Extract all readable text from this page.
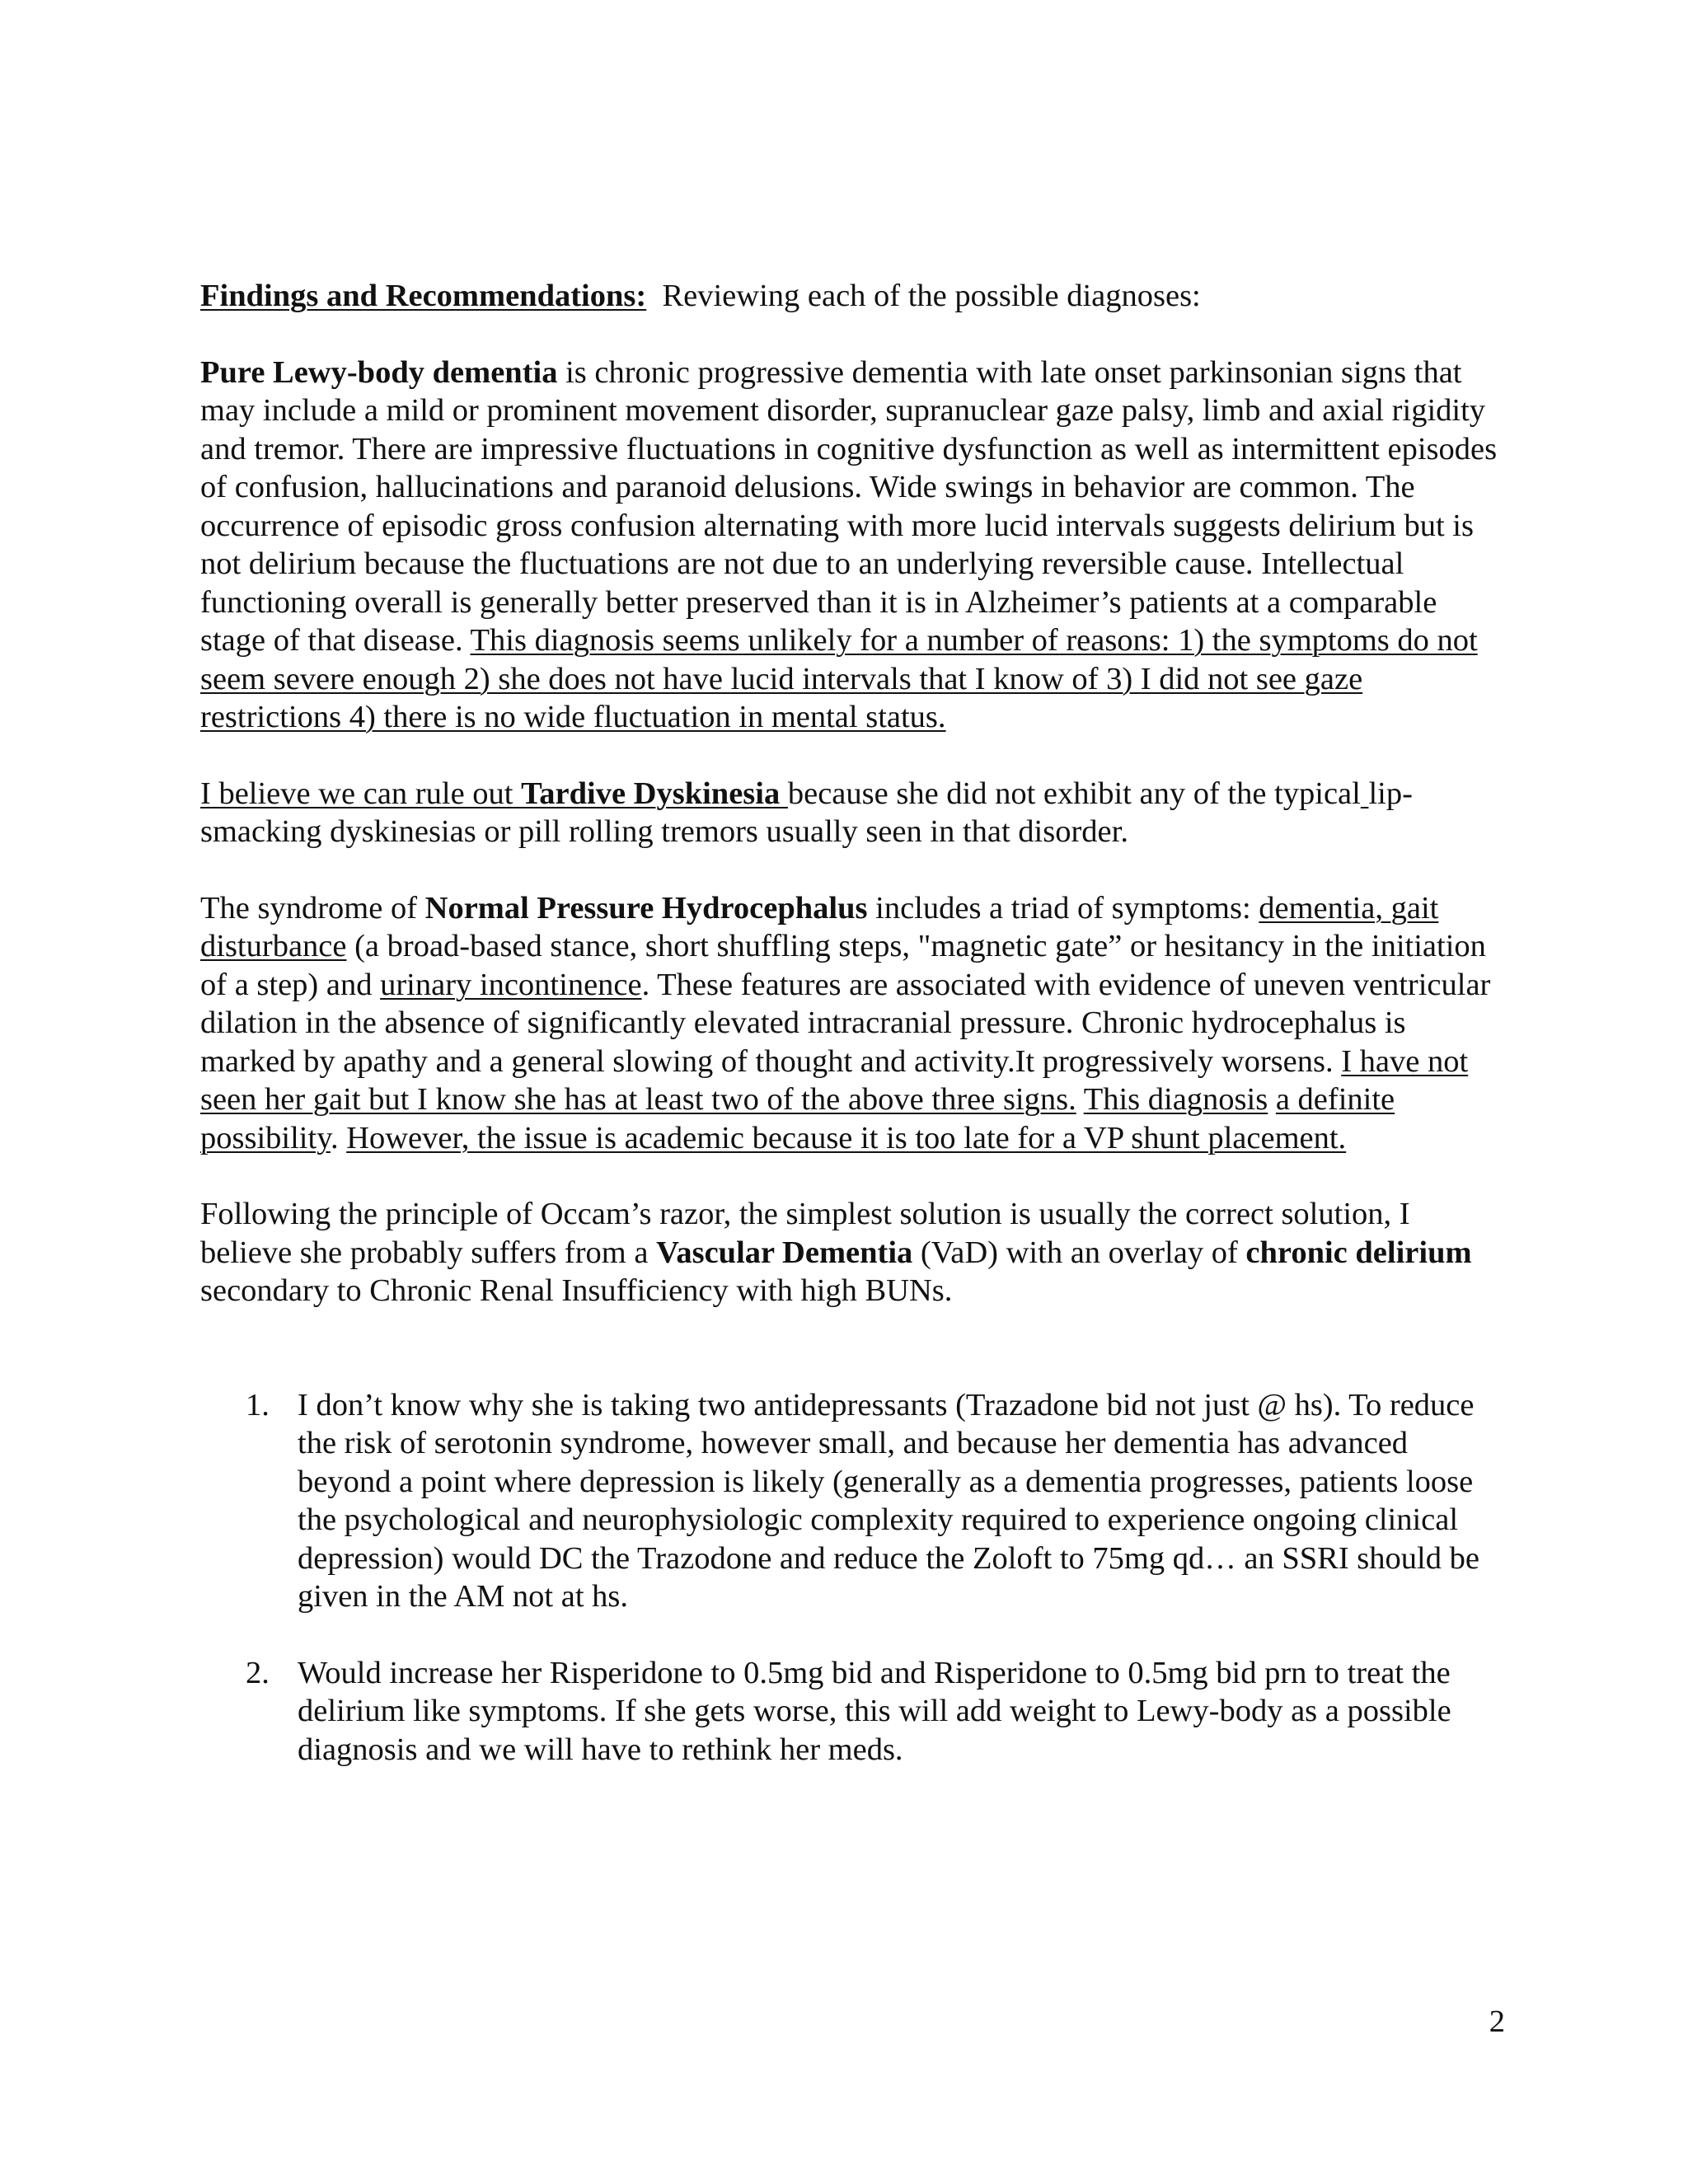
Findings and Recommendations:  Reviewing each of the possible diagnoses:

Pure Lewy-body dementia is chronic progressive dementia with late onset parkinsonian signs that may include a mild or prominent movement disorder, supranuclear gaze palsy, limb and axial rigidity and tremor. There are impressive fluctuations in cognitive dysfunction as well as intermittent episodes of confusion, hallucinations and paranoid delusions. Wide swings in behavior are common. The occurrence of episodic gross confusion alternating with more lucid intervals suggests delirium but is not delirium because the fluctuations are not due to an underlying reversible cause. Intellectual functioning overall is generally better preserved than it is in Alzheimer’s patients at a comparable stage of that disease. This diagnosis seems unlikely for a number of reasons: 1) the symptoms do not seem severe enough 2) she does not have lucid intervals that I know of 3) I did not see gaze restrictions 4) there is no wide fluctuation in mental status.

I believe we can rule out Tardive Dyskinesia because she did not exhibit any of the typical lip-smacking dyskinesias or pill rolling tremors usually seen in that disorder.

The syndrome of Normal Pressure Hydrocephalus includes a triad of symptoms: dementia, gait disturbance (a broad-based stance, short shuffling steps, "magnetic gate” or hesitancy in the initiation of a step) and urinary incontinence. These features are associated with evidence of uneven ventricular dilation in the absence of significantly elevated intracranial pressure. Chronic hydrocephalus is marked by apathy and a general slowing of thought and activity.It progressively worsens. I have not seen her gait but I know she has at least two of the above three signs. This diagnosis a definite possibility. However, the issue is academic because it is too late for a VP shunt placement.

Following the principle of Occam’s razor, the simplest solution is usually the correct solution, I believe she probably suffers from a Vascular Dementia (VaD) with an overlay of chronic delirium secondary to Chronic Renal Insufficiency with high BUNs.

1. I don’t know why she is taking two antidepressants (Trazadone bid not just @ hs). To reduce the risk of serotonin syndrome, however small, and because her dementia has advanced beyond a point where depression is likely (generally as a dementia progresses, patients loose the psychological and neurophysiologic complexity required to experience ongoing clinical depression) would DC the Trazodone and reduce the Zoloft to 75mg qd… an SSRI should be given in the AM not at hs.
2. Would increase her Risperidone to 0.5mg bid and Risperidone to 0.5mg bid prn to treat the delirium like symptoms. If she gets worse, this will add weight to Lewy-body as a possible diagnosis and we will have to rethink her meds.
2
